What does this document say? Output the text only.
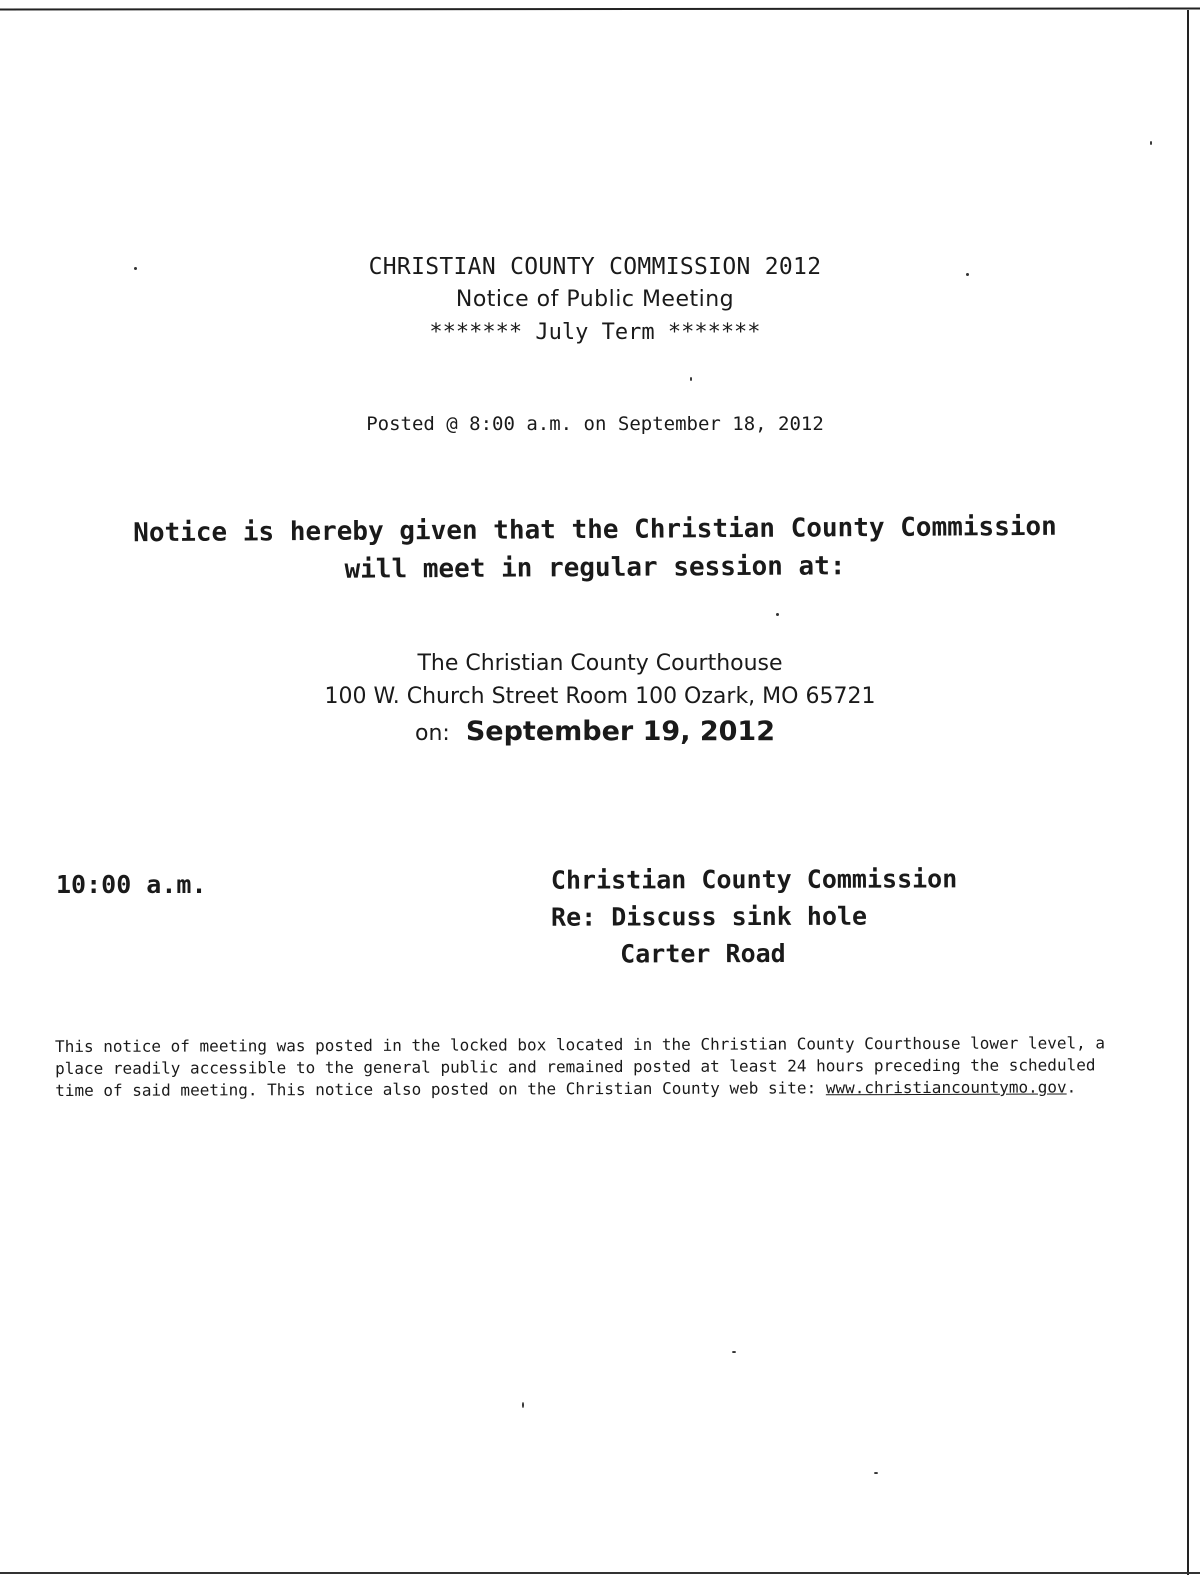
CHRISTIAN COUNTY COMMISSION 2012

Notice of Public Meeting

******* July Term *******

Posted @ 8:00 a.m. on September 18, 2012

Notice is hereby given that the Christian County Commission

will meet in regular session at:

The Christian County Courthouse

100 W. Church Street Room 100 Ozark, MO 65721

on: September 19, 2012

10:00 a.m.	Christian County Commission
Re: Discuss sink hole
Carter Road

This notice of meeting was posted in the locked box located in the Christian County Courthouse lower level, a place readily accessible to the general public and remained posted at least 24 hours preceding the scheduled time of said meeting. This notice also posted on the Christian County web site: www.christiancountymo.gov.
